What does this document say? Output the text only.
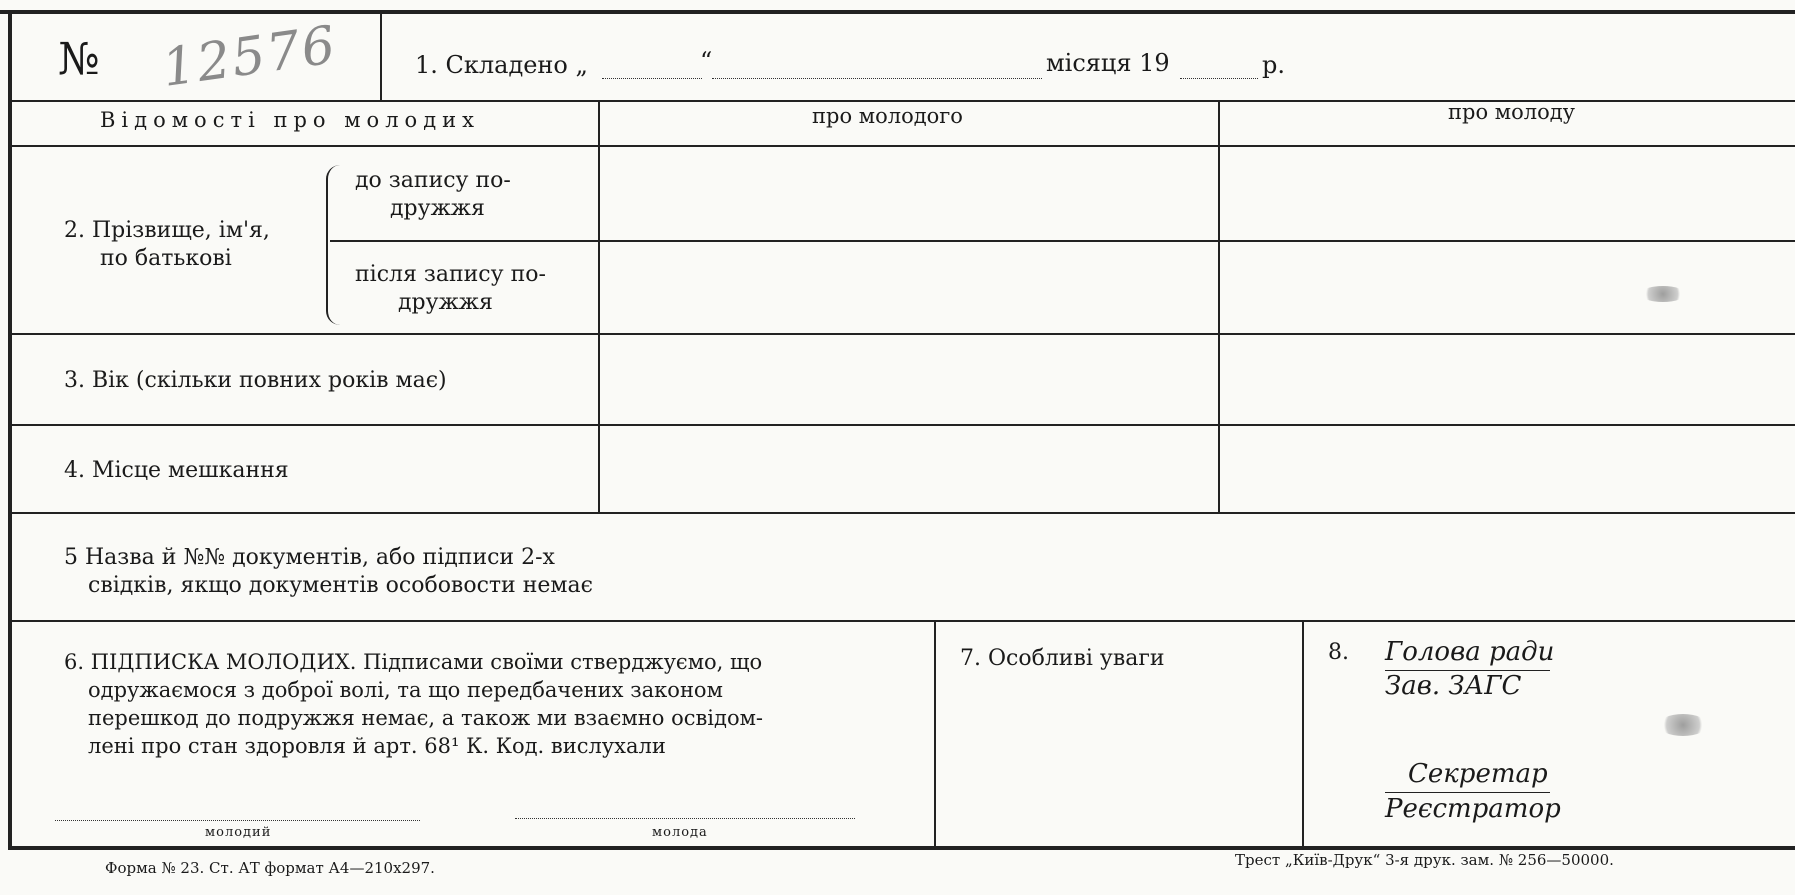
№ 12576	1. Складено „	“	місяця 19	р.
Відомості про молодих	про молодого	про молоду
2. Прізвище, ім'я,
по батькові
до запису по-
дружжя
після запису по-
дружжя
3. Вік (скільки повних років має)
4. Місце мешкання
5 Назва й №№ документів, або підписи 2-х
свідків, якщо документів особовости немає
6. ПІДПИСКА МОЛОДИХ. Підписами своїми стверджуємо, що
одружаємося з доброї волі, та що передбачених законом
перешкод до подружжя немає, а також ми взаємно освідом-
лені про стан здоровля й арт. 68¹ К. Код. вислухали
молодий	молода
7. Особливі уваги	8. Голова ради
Зав. ЗАГС
Секретар
Реєстратор
Форма № 23. Ст. АТ формат А4—210х297.	Трест „Київ-Друк“ 3-я друк. зам. № 256—50000.
